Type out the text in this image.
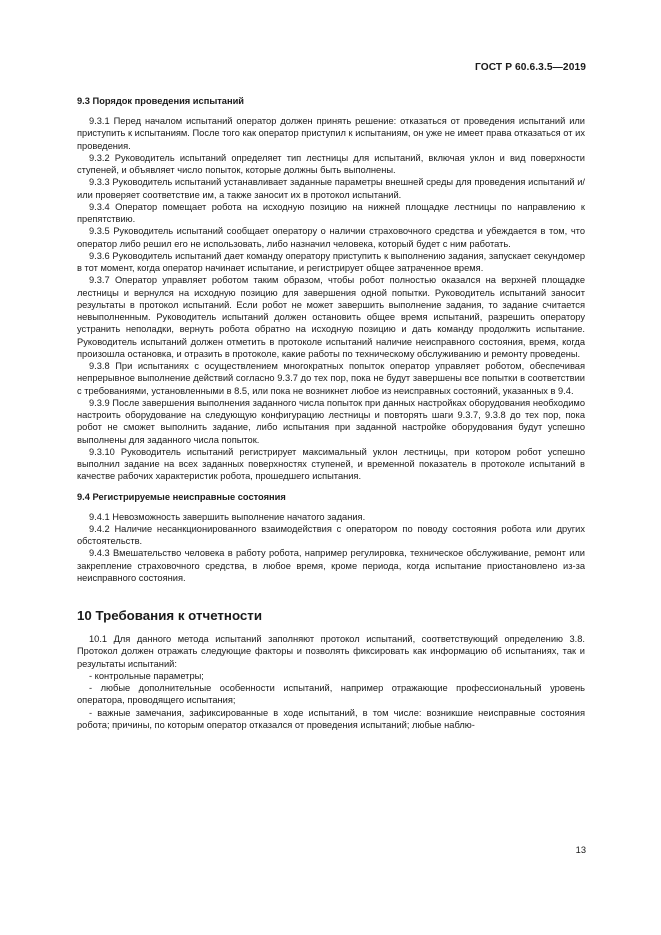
ГОСТ Р 60.6.3.5—2019
9.3 Порядок проведения испытаний

9.3.1 Перед началом испытаний оператор должен принять решение: отказаться от проведения испытаний или приступить к испытаниям. После того как оператор приступил к испытаниям, он уже не имеет права отказаться от их проведения.

9.3.2 Руководитель испытаний определяет тип лестницы для испытаний, включая уклон и вид поверхности ступеней, и объявляет число попыток, которые должны быть выполнены.

9.3.3 Руководитель испытаний устанавливает заданные параметры внешней среды для проведения испытаний и/или проверяет соответствие им, а также заносит их в протокол испытаний.

9.3.4 Оператор помещает робота на исходную позицию на нижней площадке лестницы по направлению к препятствию.

9.3.5 Руководитель испытаний сообщает оператору о наличии страховочного средства и убеждается в том, что оператор либо решил его не использовать, либо назначил человека, который будет с ним работать.

9.3.6 Руководитель испытаний дает команду оператору приступить к выполнению задания, запускает секундомер в тот момент, когда оператор начинает испытание, и регистрирует общее затраченное время.

9.3.7 Оператор управляет роботом таким образом, чтобы робот полностью оказался на верхней площадке лестницы и вернулся на исходную позицию для завершения одной попытки. Руководитель испытаний заносит результаты в протокол испытаний. Если робот не может завершить выполнение задания, то задание считается невыполненным. Руководитель испытаний должен остановить общее время испытаний, разрешить оператору устранить неполадки, вернуть робота обратно на исходную позицию и дать команду продолжить испытание. Руководитель испытаний должен отметить в протоколе испытаний наличие неисправного состояния, время, когда произошла остановка, и отразить в протоколе, какие работы по техническому обслуживанию и ремонту проведены.

9.3.8 При испытаниях с осуществлением многократных попыток оператор управляет роботом, обеспечивая непрерывное выполнение действий согласно 9.3.7 до тех пор, пока не будут завершены все попытки в соответствии с требованиями, установленными в 8.5, или пока не возникнет любое из неисправных состояний, указанных в 9.4.

9.3.9 После завершения выполнения заданного числа попыток при данных настройках оборудования необходимо настроить оборудование на следующую конфигурацию лестницы и повторять шаги 9.3.7, 9.3.8 до тех пор, пока робот не сможет выполнить задание, либо испытания при заданной настройке оборудования будут успешно выполнены для заданного числа попыток.

9.3.10 Руководитель испытаний регистрирует максимальный уклон лестницы, при котором робот успешно выполнил задание на всех заданных поверхностях ступеней, и временной показатель в протоколе испытаний в качестве рабочих характеристик робота, прошедшего испытания.

9.4 Регистрируемые неисправные состояния

9.4.1 Невозможность завершить выполнение начатого задания.

9.4.2 Наличие несанкционированного взаимодействия с оператором по поводу состояния робота или других обстоятельств.

9.4.3 Вмешательство человека в работу робота, например регулировка, техническое обслуживание, ремонт или закрепление страховочного средства, в любое время, кроме периода, когда испытание приостановлено из-за неисправного состояния.

10 Требования к отчетности

10.1 Для данного метода испытаний заполняют протокол испытаний, соответствующий определению 3.8. Протокол должен отражать следующие факторы и позволять фиксировать как информацию об испытаниях, так и результаты испытаний:

- контрольные параметры;

- любые дополнительные особенности испытаний, например отражающие профессиональный уровень оператора, проводящего испытания;

- важные замечания, зафиксированные в ходе испытаний, в том числе: возникшие неисправные состояния робота; причины, по которым оператор отказался от проведения испытаний; любые наблю-

13
